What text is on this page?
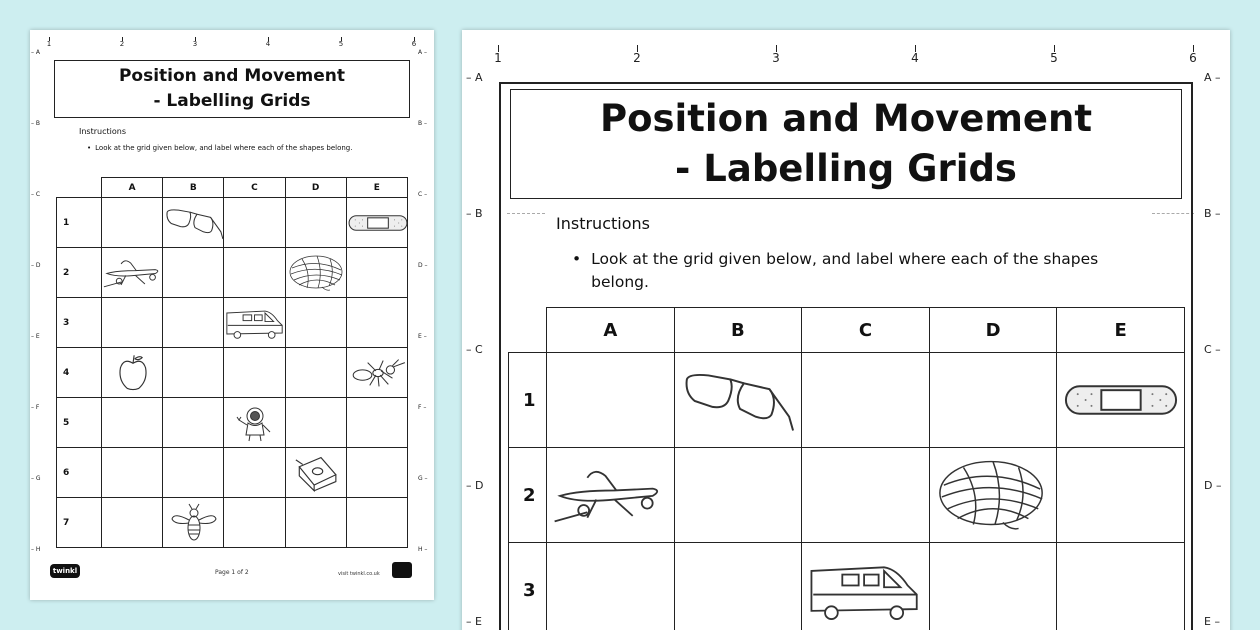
1	2	3	4	5	6
– A	A –
– B	B –
– C	C –
– D	D –
– E	E –
– F	F –
– G	G –
– H	H –
Position and Movement
- Labelling Grids
Instructions
• Look at the grid given below, and label where each of the shapes belong.
	A	B	C	D	E
1		

2	

3			

4	

5			

6				

7		

twinkl	Page 1 of 2	visit twinkl.co.uk
1	2	3	4	5	6
– A	A –
– B	B –
– C	C –
– D	D –
– E	E –
Position and Movement
- Labelling Grids
Instructions
• Look at the grid given below, and label where each of the shapes belong.
	A	B	C	D	E
1		

2	

3			
